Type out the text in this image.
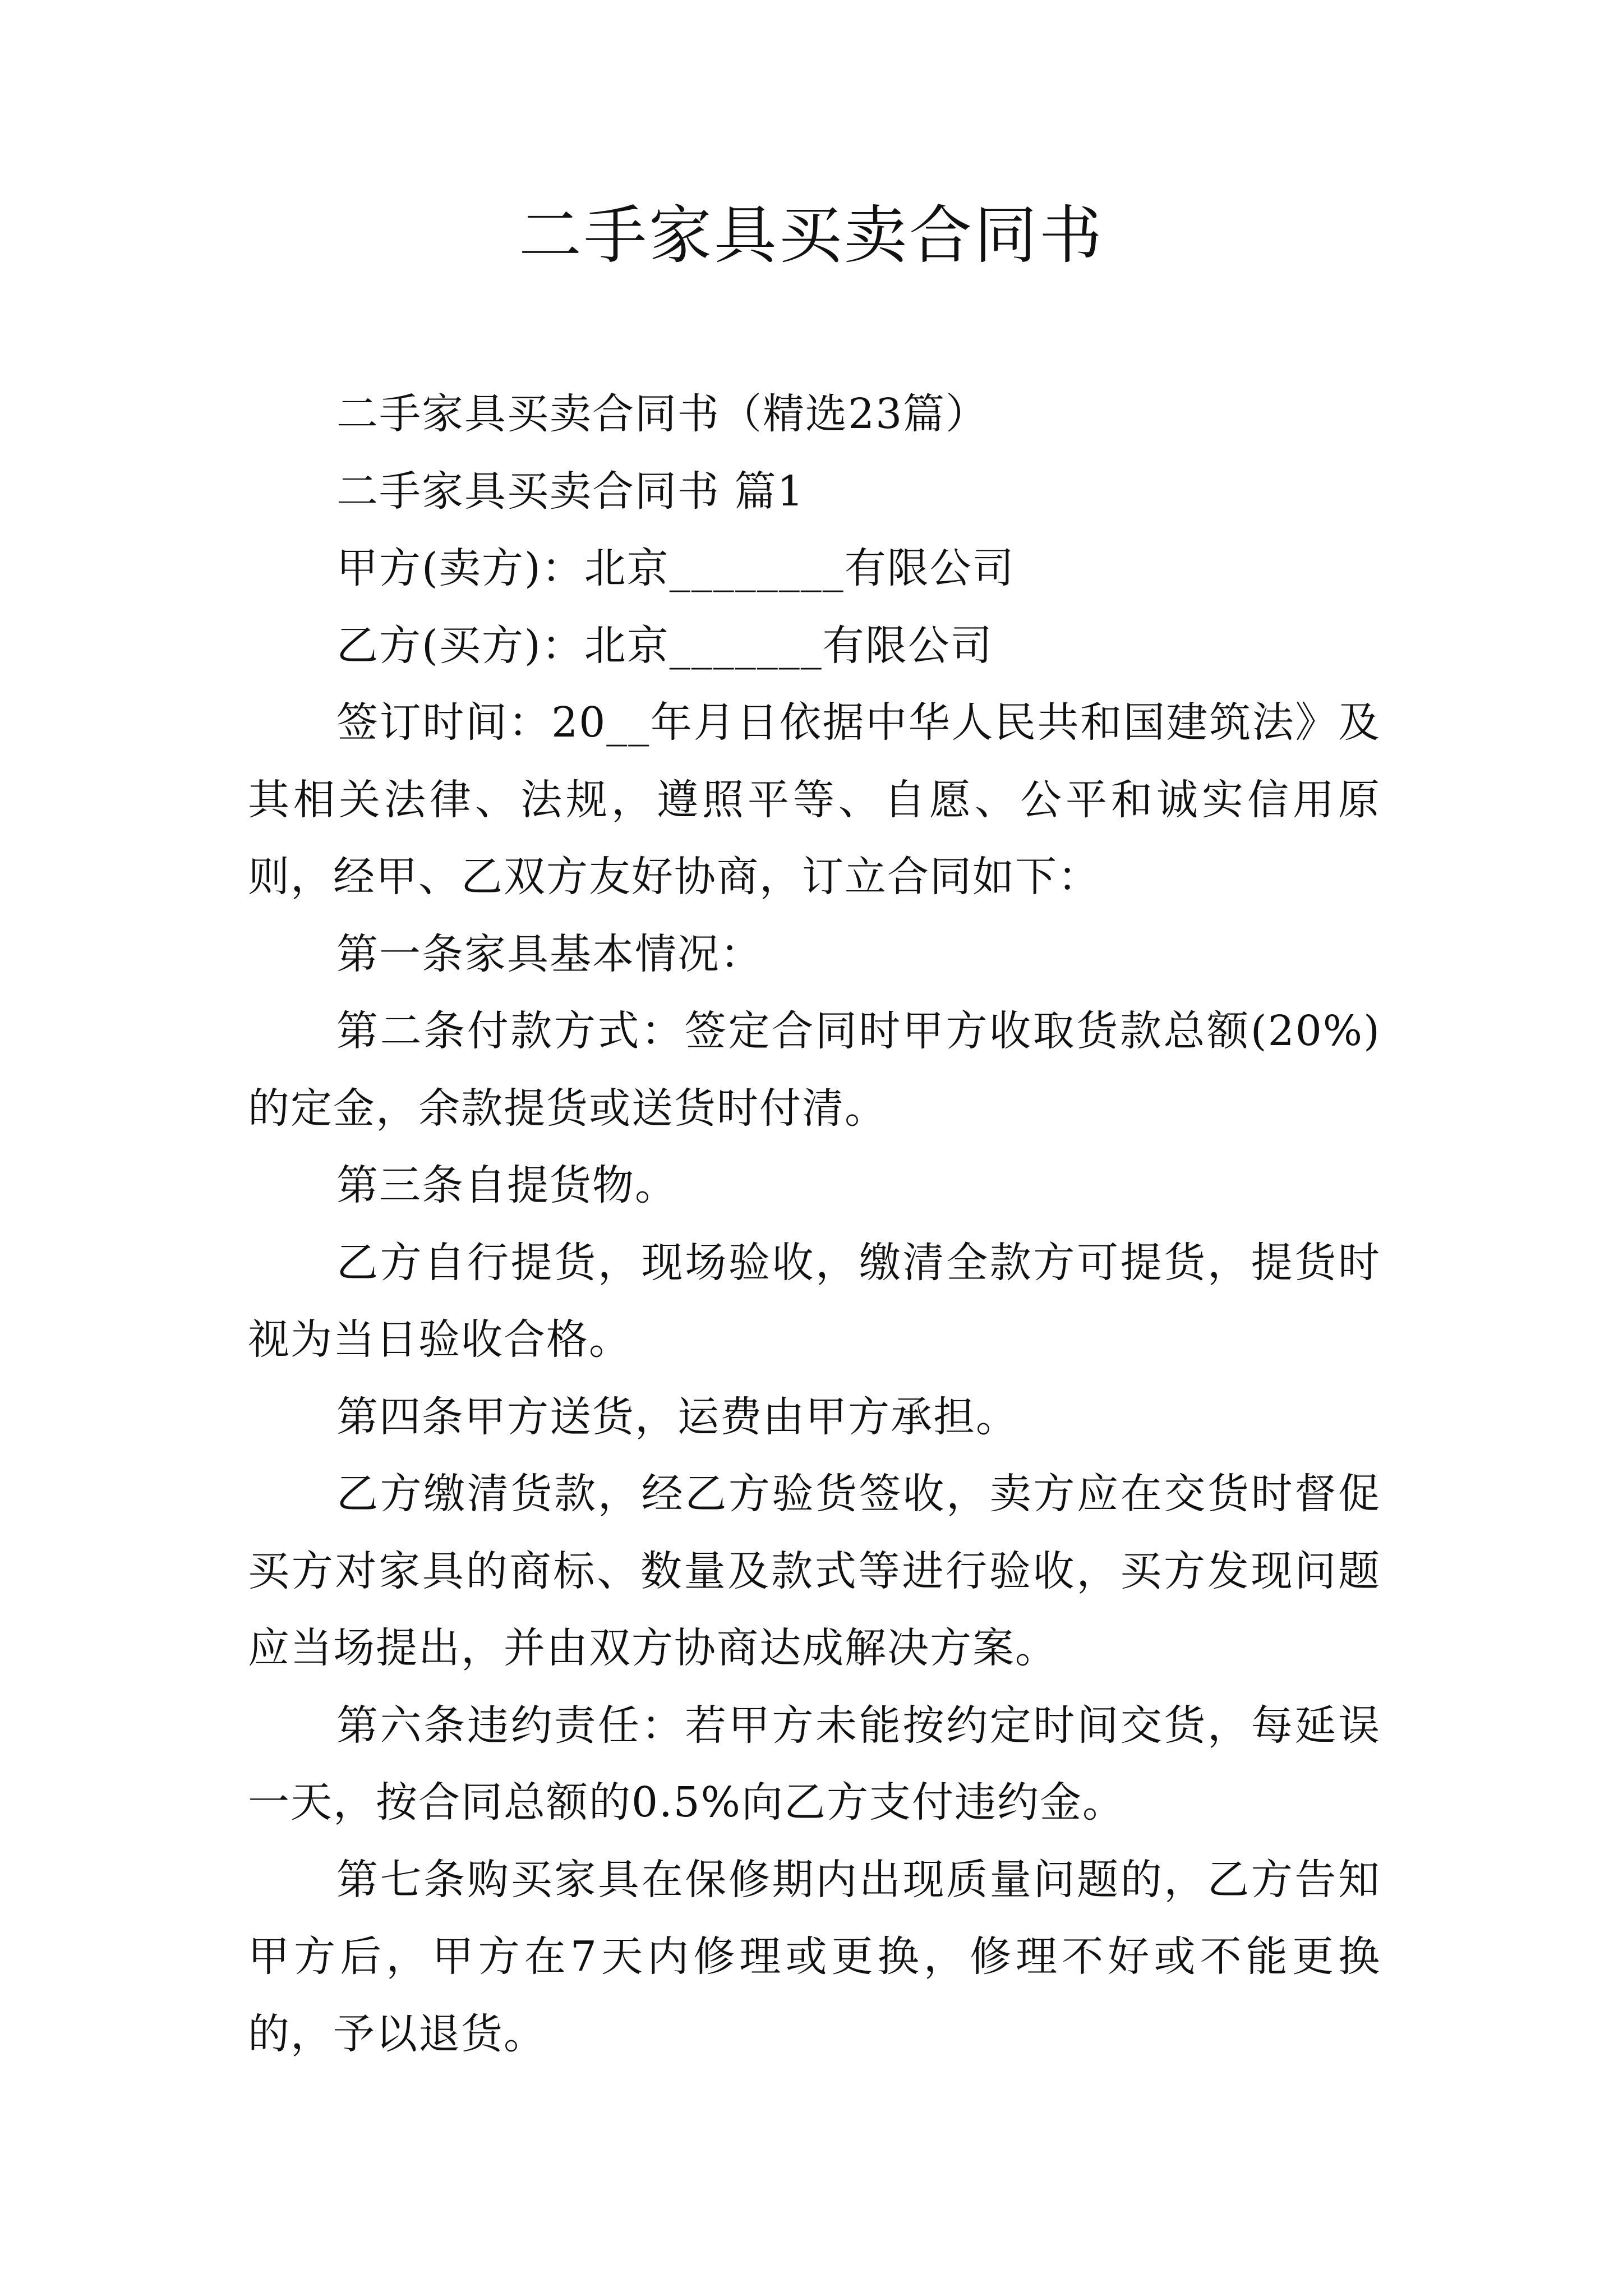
二手家具买卖合同书

二手家具买卖合同书（精选23篇）

二手家具买卖合同书 篇1

甲方(卖方)：北京________有限公司

乙方(买方)：北京_______有限公司

签订时间：20__年月日依据中华人民共和国建筑法》及其相关法律、法规，遵照平等、自愿、公平和诚实信用原则，经甲、乙双方友好协商，订立合同如下：

第一条家具基本情况：

第二条付款方式：签定合同时甲方收取货款总额(20%)的定金，余款提货或送货时付清。

第三条自提货物。

乙方自行提货，现场验收，缴清全款方可提货，提货时视为当日验收合格。

第四条甲方送货，运费由甲方承担。

乙方缴清货款，经乙方验货签收，卖方应在交货时督促买方对家具的商标、数量及款式等进行验收，买方发现问题应当场提出，并由双方协商达成解决方案。

第六条违约责任：若甲方未能按约定时间交货，每延误一天，按合同总额的0.5%向乙方支付违约金。

第七条购买家具在保修期内出现质量问题的，乙方告知甲方后，甲方在7天内修理或更换，修理不好或不能更换的，予以退货。
